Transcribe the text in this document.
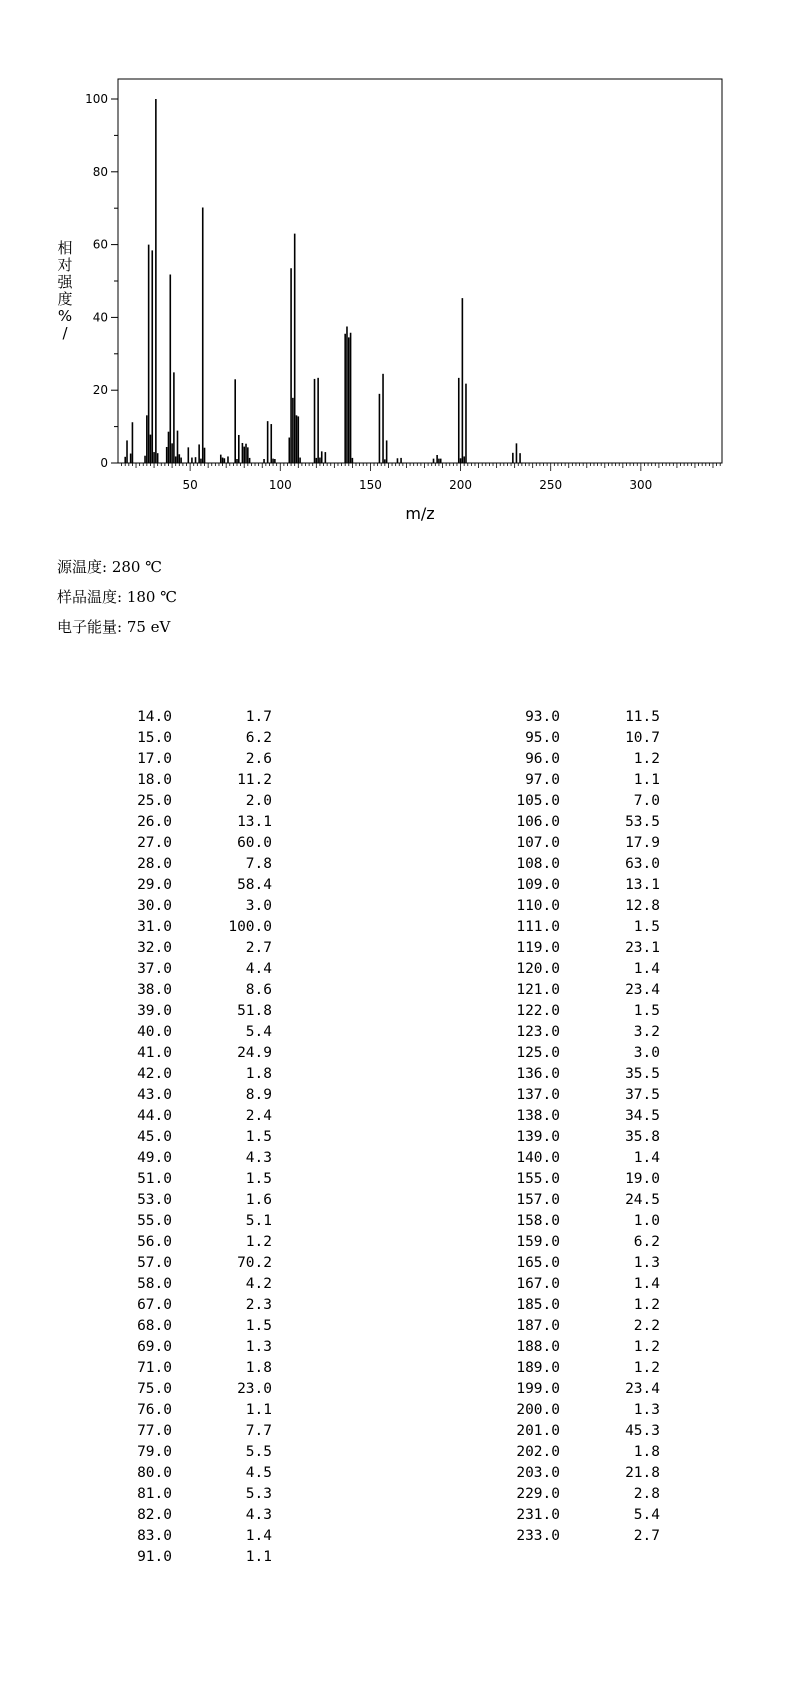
0
20
40
60
80
100
50	100	150	200	250	300
m/z
相
对
强
度
%
/
源温度: 280 ℃
样品温度: 180 ℃
电子能量: 75 eV
14.0	1.7
15.0	6.2
17.0	2.6
18.0	11.2
25.0	2.0
26.0	13.1
27.0	60.0
28.0	7.8
29.0	58.4
30.0	3.0
31.0	100.0
32.0	2.7
37.0	4.4
38.0	8.6
39.0	51.8
40.0	5.4
41.0	24.9
42.0	1.8
43.0	8.9
44.0	2.4
45.0	1.5
49.0	4.3
51.0	1.5
53.0	1.6
55.0	5.1
56.0	1.2
57.0	70.2
58.0	4.2
67.0	2.3
68.0	1.5
69.0	1.3
71.0	1.8
75.0	23.0
76.0	1.1
77.0	7.7
79.0	5.5
80.0	4.5
81.0	5.3
82.0	4.3
83.0	1.4
91.0	1.1
93.0	11.5
95.0	10.7
96.0	1.2
97.0	1.1
105.0	7.0
106.0	53.5
107.0	17.9
108.0	63.0
109.0	13.1
110.0	12.8
111.0	1.5
119.0	23.1
120.0	1.4
121.0	23.4
122.0	1.5
123.0	3.2
125.0	3.0
136.0	35.5
137.0	37.5
138.0	34.5
139.0	35.8
140.0	1.4
155.0	19.0
157.0	24.5
158.0	1.0
159.0	6.2
165.0	1.3
167.0	1.4
185.0	1.2
187.0	2.2
188.0	1.2
189.0	1.2
199.0	23.4
200.0	1.3
201.0	45.3
202.0	1.8
203.0	21.8
229.0	2.8
231.0	5.4
233.0	2.7
